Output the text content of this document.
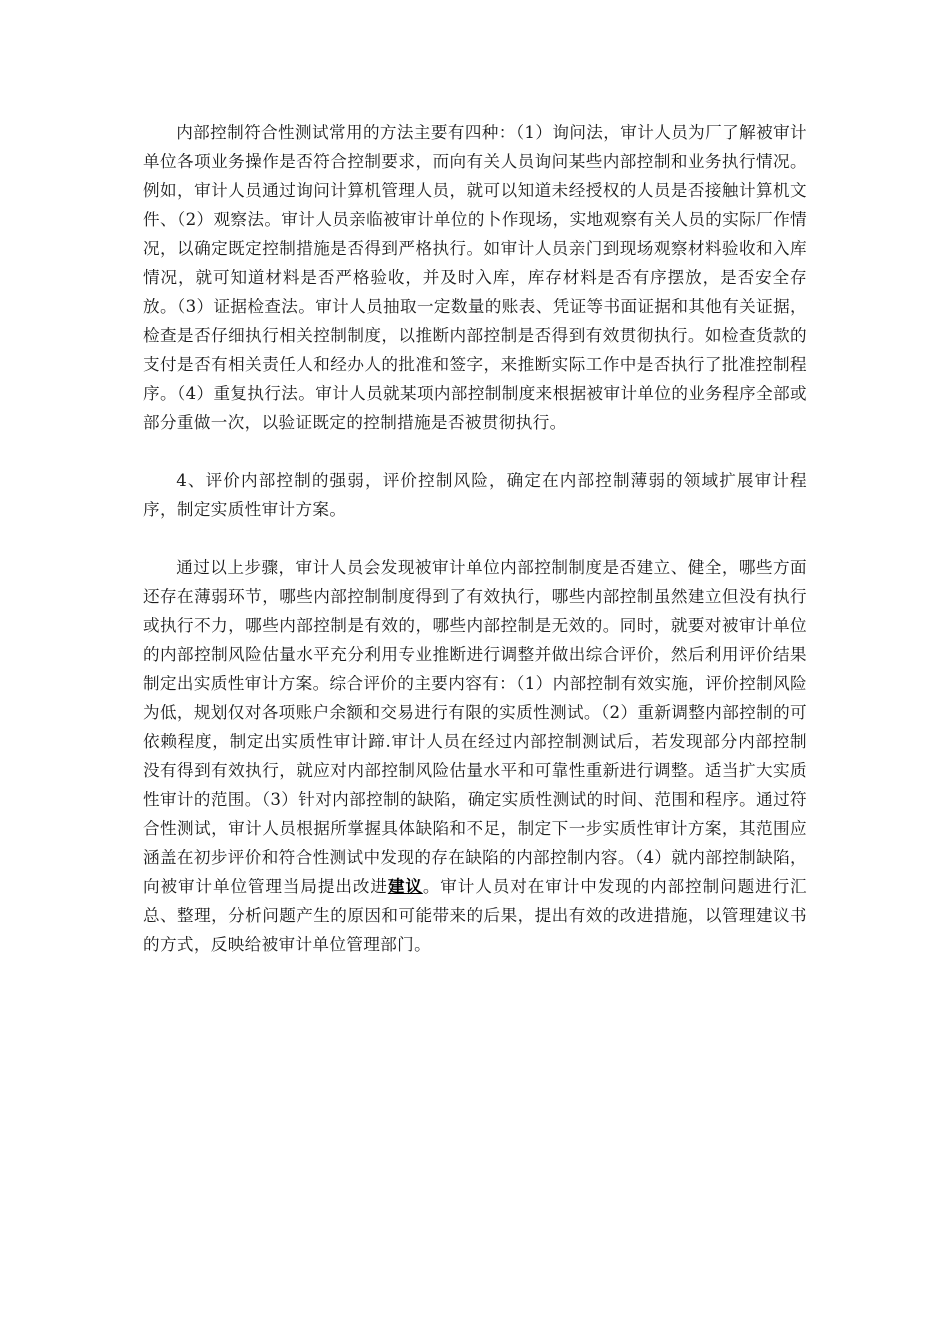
内部控制符合性测试常用的方法主要有四种：（1）询问法，审计人员为厂了解被审计单位各项业务操作是否符合控制要求，而向有关人员询问某些内部控制和业务执行情况。例如，审计人员通过询问计算机管理人员，就可以知道未经授权的人员是否接触计算机文件、（2）观察法。审计人员亲临被审计单位的卜作现场，实地观察有关人员的实际厂作情况，以确定既定控制措施是否得到严格执行。如审计人员亲门到现场观察材料验收和入库情况，就可知道材料是否严格验收，并及时入库，库存材料是否有序摆放，是否安全存放。（3）证据检查法。审计人员抽取一定数量的账表、凭证等书面证据和其他有关证据，检查是否仔细执行相关控制制度，以推断内部控制是否得到有效贯彻执行。如检查货款的支付是否有相关责任人和经办人的批准和签字，来推断实际工作中是否执行了批准控制程序。（4）重复执行法。审计人员就某项内部控制制度来根据被审计单位的业务程序全部或部分重做一次，以验证既定的控制措施是否被贯彻执行。

4、评价内部控制的强弱，评价控制风险，确定在内部控制薄弱的领域扩展审计程序，制定实质性审计方案。

通过以上步骤，审计人员会发现被审计单位内部控制制度是否建立、健全，哪些方面还存在薄弱环节，哪些内部控制制度得到了有效执行，哪些内部控制虽然建立但没有执行或执行不力，哪些内部控制是有效的，哪些内部控制是无效的。同时，就要对被审计单位的内部控制风险估量水平充分利用专业推断进行调整并做出综合评价，然后利用评价结果制定出实质性审计方案。综合评价的主要内容有：（1）内部控制有效实施，评价控制风险为低，规划仅对各项账户余额和交易进行有限的实质性测试。（2）重新调整内部控制的可依赖程度，制定出实质性审计蹄.审计人员在经过内部控制测试后，若发现部分内部控制没有得到有效执行，就应对内部控制风险估量水平和可靠性重新进行调整。适当扩大实质性审计的范围。（3）针对内部控制的缺陷，确定实质性测试的时间、范围和程序。通过符合性测试，审计人员根据所掌握具体缺陷和不足，制定下一步实质性审计方案，其范围应涵盖在初步评价和符合性测试中发现的存在缺陷的内部控制内容。（4）就内部控制缺陷，向被审计单位管理当局提出改进建议。审计人员对在审计中发现的内部控制问题进行汇总、整理，分析问题产生的原因和可能带来的后果，提出有效的改进措施，以管理建议书的方式，反映给被审计单位管理部门。
